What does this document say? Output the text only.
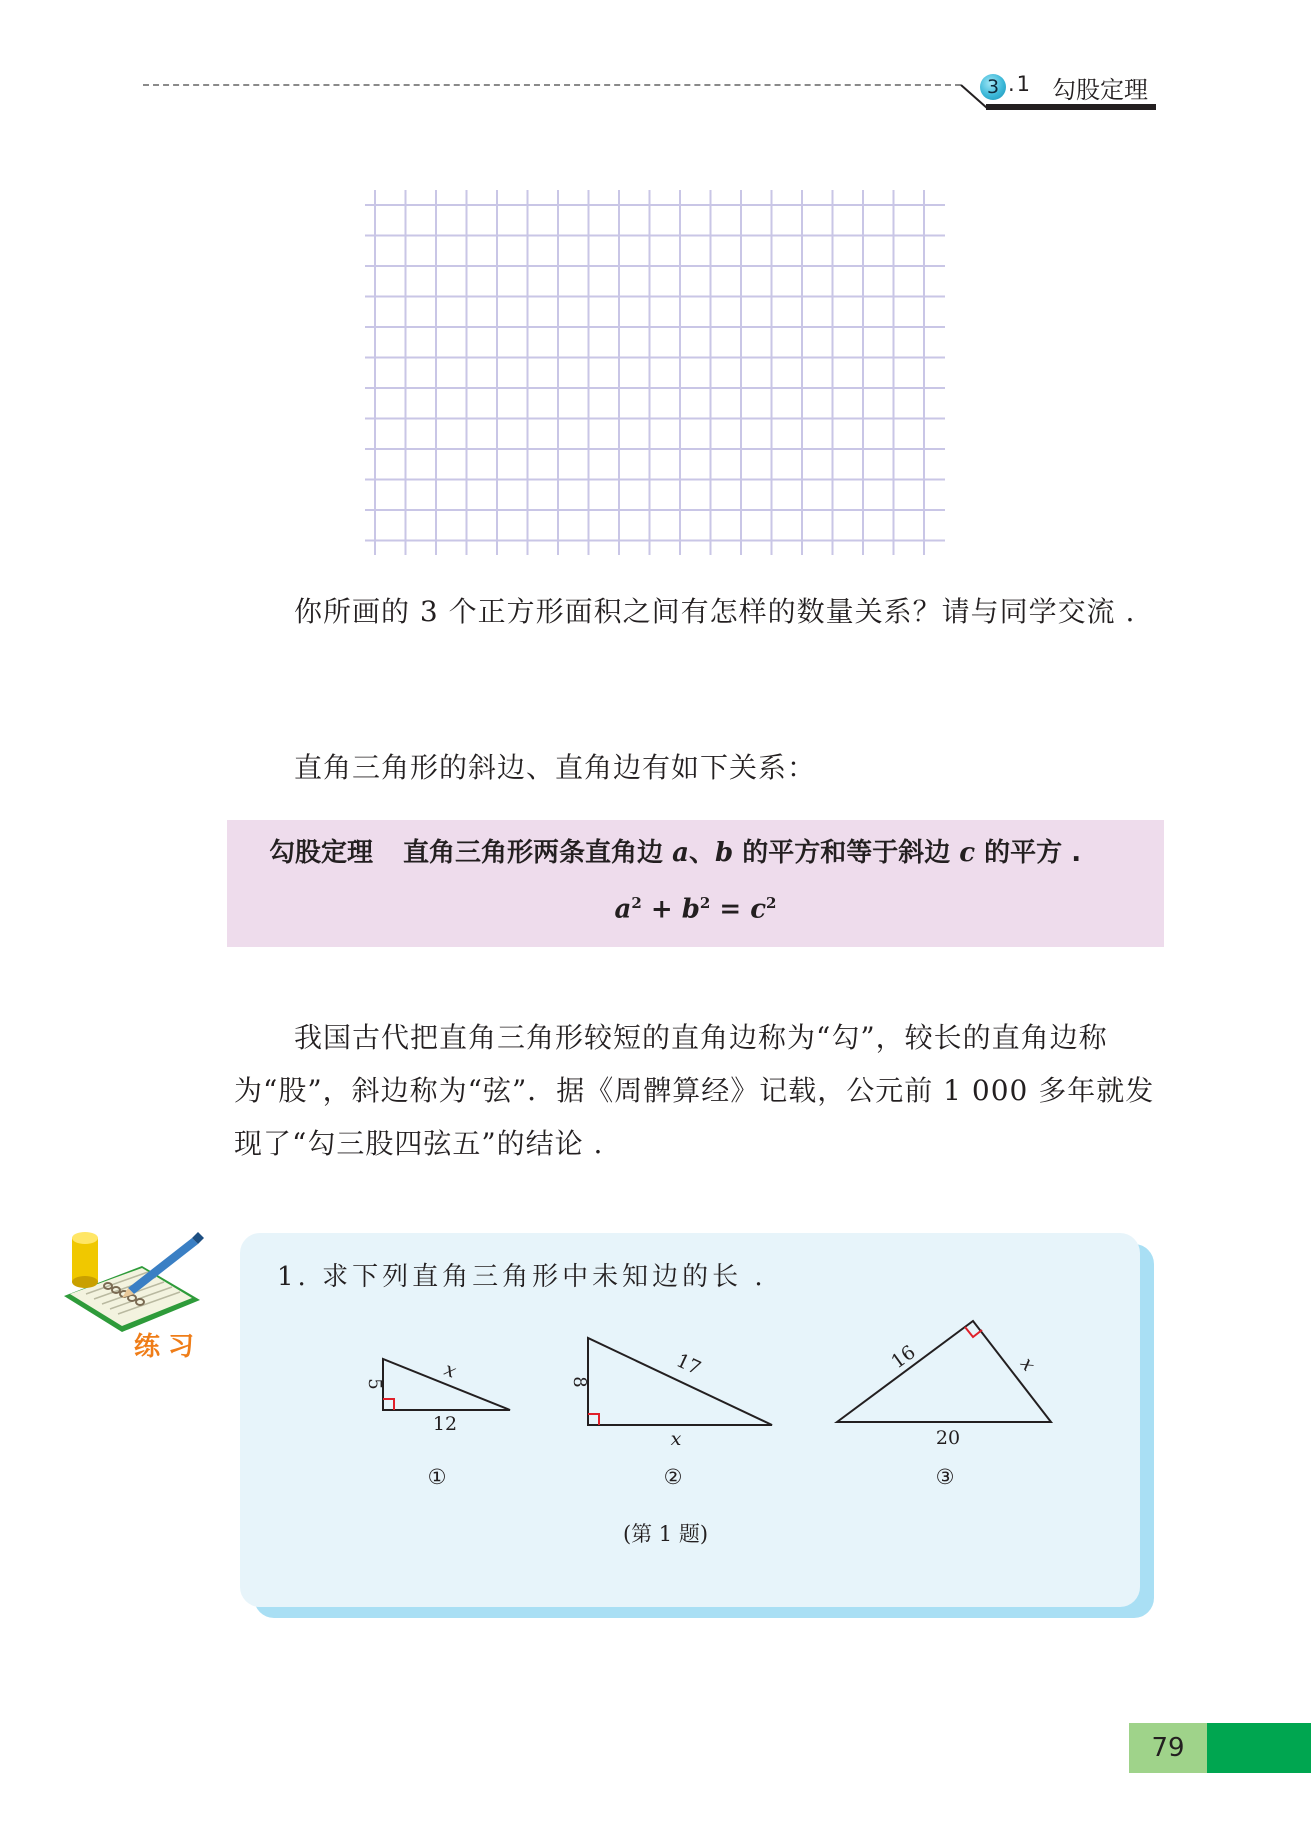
3 .1 勾股定理
你所画的 3 个正方形面积之间有怎样的数量关系？请与同学交流 .
直角三角形的斜边、直角边有如下关系：
勾股定理 直角三角形两条直角边 a、b 的平方和等于斜边 c 的平方 .
$a^2 + b^2 = c^2$
我国古代把直角三角形较短的直角边称为“勾”，较长的直角边称为“股”，斜边称为“弦”．据《周髀算经》记载，公元前 1 000 多年就发现了“勾三股四弦五”的结论 .
练习
1. 求下列直角三角形中未知边的长 .
5
12
x
①
8
x
17
②
16	x
20
③
(第 1 题)
79
